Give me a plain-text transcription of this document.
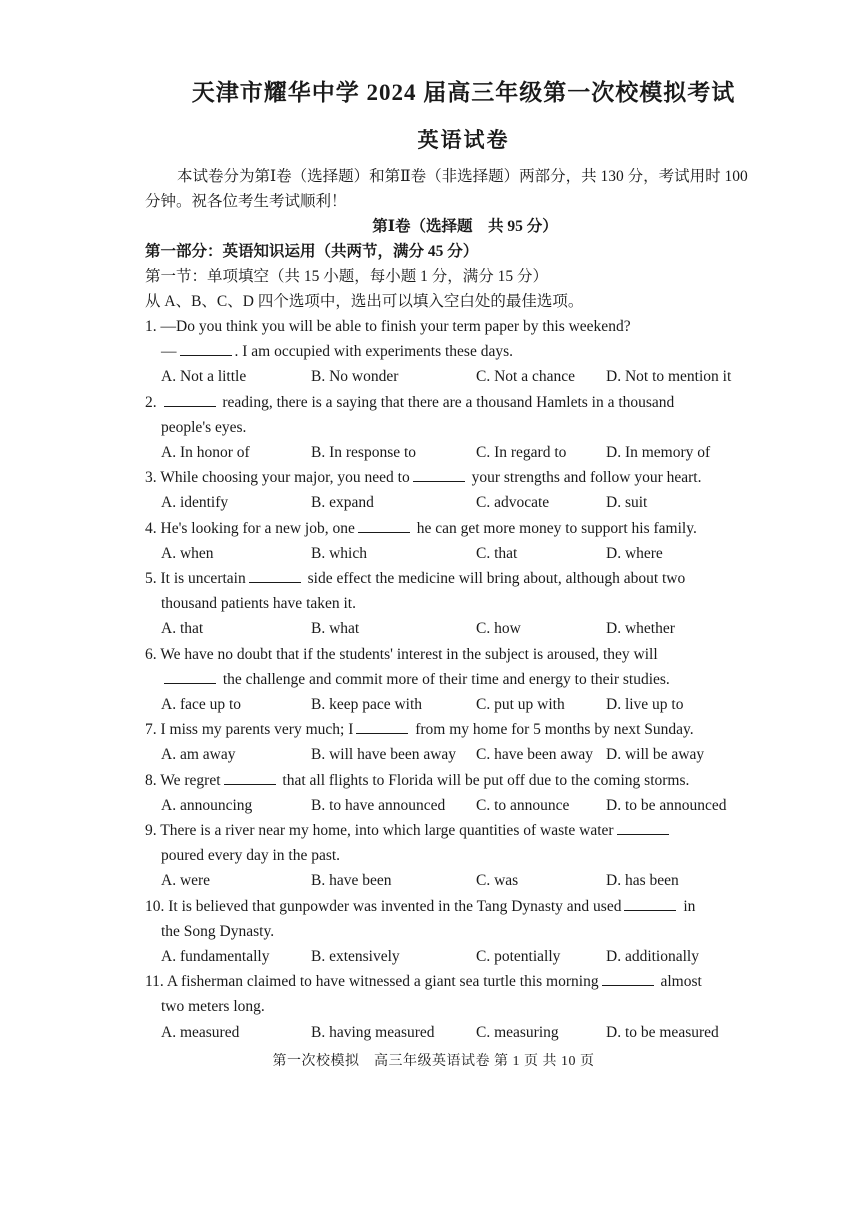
天津市耀华中学 2024 届高三年级第一次校模拟考试
英语试卷

本试卷分为第Ⅰ卷（选择题）和第Ⅱ卷（非选择题）两部分，共 130 分，考试用时 100
分钟。祝各位考生考试顺利！

第Ⅰ卷（选择题　共 95 分）

第一部分：英语知识运用（共两节，满分 45 分）

第一节：单项填空（共 15 小题，每小题 1 分，满分 15 分）

从 A、B、C、D 四个选项中，选出可以填入空白处的最佳选项。

1. —Do you think you will be able to finish your term paper by this weekend?
—	. I am occupied with experiments these days.
A. Not a little	B. No wonder	C. Not a chance	D. Not to mention it
2.	reading, there is a saying that there are a thousand Hamlets in a thousand
people's eyes.
A. In honor of	B. In response to	C. In regard to	D. In memory of
3. While choosing your major, you need to	your strengths and follow your heart.
A. identify	B. expand	C. advocate	D. suit
4. He's looking for a new job, one	he can get more money to support his family.
A. when	B. which	C. that	D. where
5. It is uncertain	side effect the medicine will bring about, although about two
thousand patients have taken it.
A. that	B. what	C. how	D. whether
6. We have no doubt that if the students' interest in the subject is aroused, they will
the challenge and commit more of their time and energy to their studies.
A. face up to	B. keep pace with	C. put up with	D. live up to
7. I miss my parents very much; I	from my home for 5 months by next Sunday.
A. am away	B. will have been away	C. have been away D. will be away
8. We regret	that all flights to Florida will be put off due to the coming storms.
A. announcing	B. to have announced	C. to announce	D. to be announced
9. There is a river near my home, into which large quantities of waste water
poured every day in the past.
A. were	B. have been	C. was	D. has been
10. It is believed that gunpowder was invented in the Tang Dynasty and used	in
the Song Dynasty.
A. fundamentally	B. extensively	C. potentially	D. additionally
11. A fisherman claimed to have witnessed a giant sea turtle this morning	almost
two meters long.
A. measured	B. having measured	C. measuring	D. to be measured
第一次校模拟　高三年级英语试卷 第 1 页 共 10 页
